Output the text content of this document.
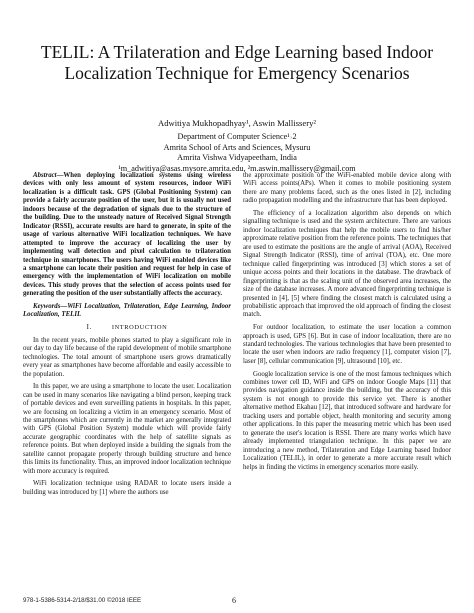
TELIL: A Trilateration and Edge Learning based Indoor Localization Technique for Emergency Scenarios
Adwitiya Mukhopadhyay¹, Aswin Mallissery²
Department of Computer Science¹˒2
Amrita School of Arts and Sciences, Mysuru
Amrita Vishwa Vidyapeetham, India
¹m_adwitiya@asas.mysore.amrita.edu, ²m.aswin.mallissery@gmail.com

Abstract—When deploying localization systems using wireless devices with only less amount of system resources, indoor WiFi localization is a difficult task. GPS (Global Positioning System) can provide a fairly accurate position of the user, but it is usually not used indoors because of the degradation of signals due to the structure of the building. Due to the unsteady nature of Received Signal Strength Indicator (RSSI), accurate results are hard to generate, in spite of the usage of various alternative WiFi localization techniques. We have attempted to improve the accuracy of localizing the user by implementing wall detection and pixel calculation to trilateration technique in smartphones. The users having WiFi enabled devices like a smartphone can locate their position and request for help in case of emergency with the implementation of WiFi localization on mobile devices. This study proves that the selection of access points used for generating the position of the user substantially affects the accuracy.

Keywords—WiFi Localization, Trilateration, Edge Learning, Indoor Localization, TELIL

I.	INTRODUCTION

In the recent years, mobile phones started to play a significant role in our day to day life because of the rapid development of mobile smartphone technologies. The total amount of smartphone users grows dramatically every year as smartphones have become affordable and easily accessible to the population.

In this paper, we are using a smartphone to locate the user. Localization can be used in many scenarios like navigating a blind person, keeping track of portable devices and even surveilling patients in hospitals. In this paper, we are focusing on localizing a victim in an emergency scenario. Most of the smartphones which are currently in the market are generally integrated with GPS (Global Position System) module which will provide fairly accurate geographic coordinates with the help of satellite signals as reference points. But when deployed inside a building the signals from the satellite cannot propagate properly through building structure and hence this limits its functionality. Thus, an improved indoor localization technique with more accuracy is required.

WiFi localization technique using RADAR to locate users inside a building was introduced by [1] where the authors use

the approximate position of the WiFi-enabled mobile device along with WiFi access points(APs). When it comes to mobile positioning system there are many problems faced, such as the ones listed in [2], including radio propagation modelling and the infrastructure that has been deployed.

The efficiency of a localization algorithm also depends on which signalling technique is used and the system architecture. There are various indoor localization techniques that help the mobile users to find his/her approximate relative position from the reference points. The techniques that are used to estimate the positions are the angle of arrival (AOA), Received Signal Strength Indicator (RSSI), time of arrival (TOA), etc. One more technique called fingerprinting was introduced [3] which stores a set of unique access points and their locations in the database. The drawback of fingerprinting is that as the scaling unit of the observed area increases, the size of the database increases. A more advanced fingerprinting technique is presented in [4], [5] where finding the closest match is calculated using a probabilistic approach that improved the old approach of finding the closest match.

For outdoor localization, to estimate the user location a common approach is used, GPS [6]. But in case of indoor localization, there are no standard technologies. The various technologies that have been presented to locate the user when indoors are radio frequency [1], computer vision [7], laser [8], cellular communication [9], ultrasound [10], etc.

Google localization service is one of the most famous techniques which combines tower cell ID, WiFi and GPS on indoor Google Maps [11] that provides navigation guidance inside the building, but the accuracy of this system is not enough to provide this service yet. There is another alternative method Ekahau [12], that introduced software and hardware for tracking users and portable object, health monitoring and security among other applications. In this paper the measuring metric which has been used to generate the user's location is RSSI. There are many works which have already implemented triangulation technique. In this paper we are introducing a new method, Trilateration and Edge Learning based Indoor Localization (TELIL), in order to generate a more accurate result which helps in finding the victims in emergency scenarios more easily.

978-1-5386-5314-2/18/$31.00 ©2018 IEEE	6
